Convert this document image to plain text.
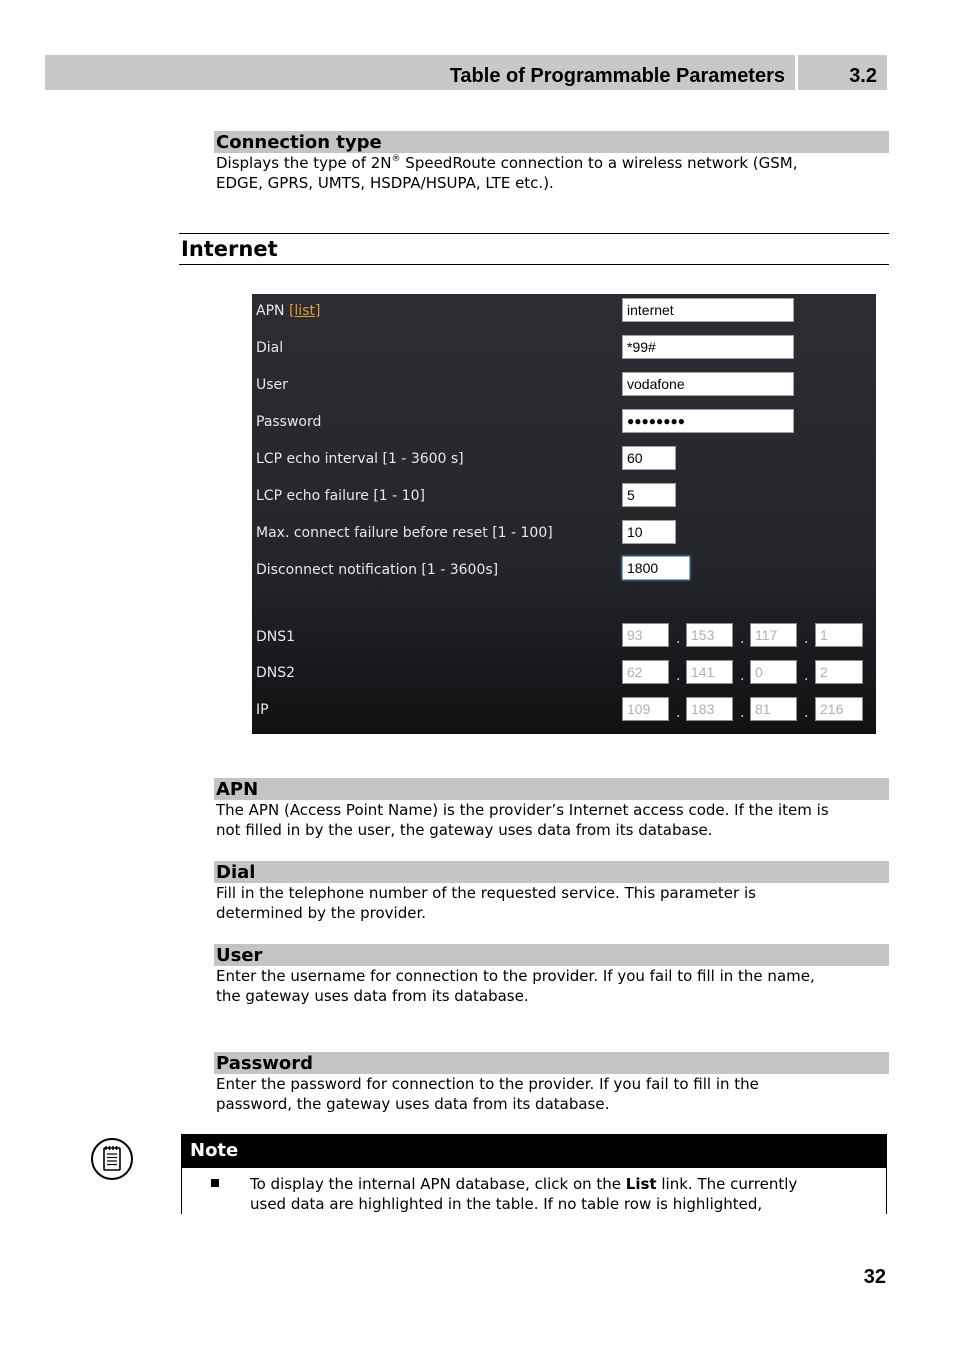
Table of Programmable Parameters	3.2
Connection type
Displays the type of 2N® SpeedRoute connection to a wireless network (GSM,
EDGE, GPRS, UMTS, HSDPA/HSUPA, LTE etc.).
Internet
APN [list]	internet
Dial	*99#
User	vodafone
Password	●●●●●●●●
LCP echo interval [1 - 3600 s]	60
LCP echo failure [1 - 10]	5
Max. connect failure before reset [1 - 100]	10
Disconnect notification [1 - 3600s]	1800
DNS1	93	. 153	. 117	. 1
DNS2	62	. 141	. 0	. 2
IP	109	. 183	. 81	. 216
APN
The APN (Access Point Name) is the provider’s Internet access code. If the item is
not filled in by the user, the gateway uses data from its database.
Dial
Fill in the telephone number of the requested service. This parameter is
determined by the provider.
User
Enter the username for connection to the provider. If you fail to fill in the name,
the gateway uses data from its database.
Password
Enter the password for connection to the provider. If you fail to fill in the
password, the gateway uses data from its database.
Note
To display the internal APN database, click on the List link. The currently
used data are highlighted in the table. If no table row is highlighted,
32
